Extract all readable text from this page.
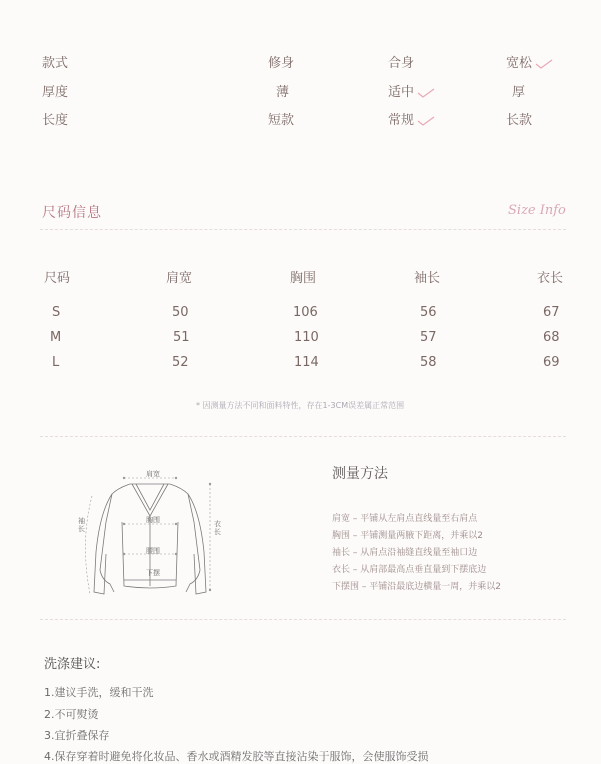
款式	修身	合身	宽松
厚度	薄	适中	厚
长度	短款	常规	长款
尺码信息	Size Info
尺码	肩宽	胸围	袖长	衣长
S	50	106	56	67
M	51	110	57	68
L	52	114	58	69
* 因测量方法不同和面料特性，存在1-3CM误差属正常范围
肩宽
胸围
腰围
下摆
袖长
衣长
测量方法
肩宽 – 平铺从左肩点直线量至右肩点
胸围 – 平铺测量两腋下距离，并乘以2
袖长 – 从肩点沿袖缝直线量至袖口边
衣长 – 从肩部最高点垂直量到下摆底边
下摆围 – 平铺沿最底边横量一周，并乘以2
洗涤建议:
1.建议手洗，缓和干洗
2.不可熨烫
3.宜折叠保存
4.保存穿着时避免将化妆品、香水或酒精发胶等直接沾染于服饰，会使服饰受损
